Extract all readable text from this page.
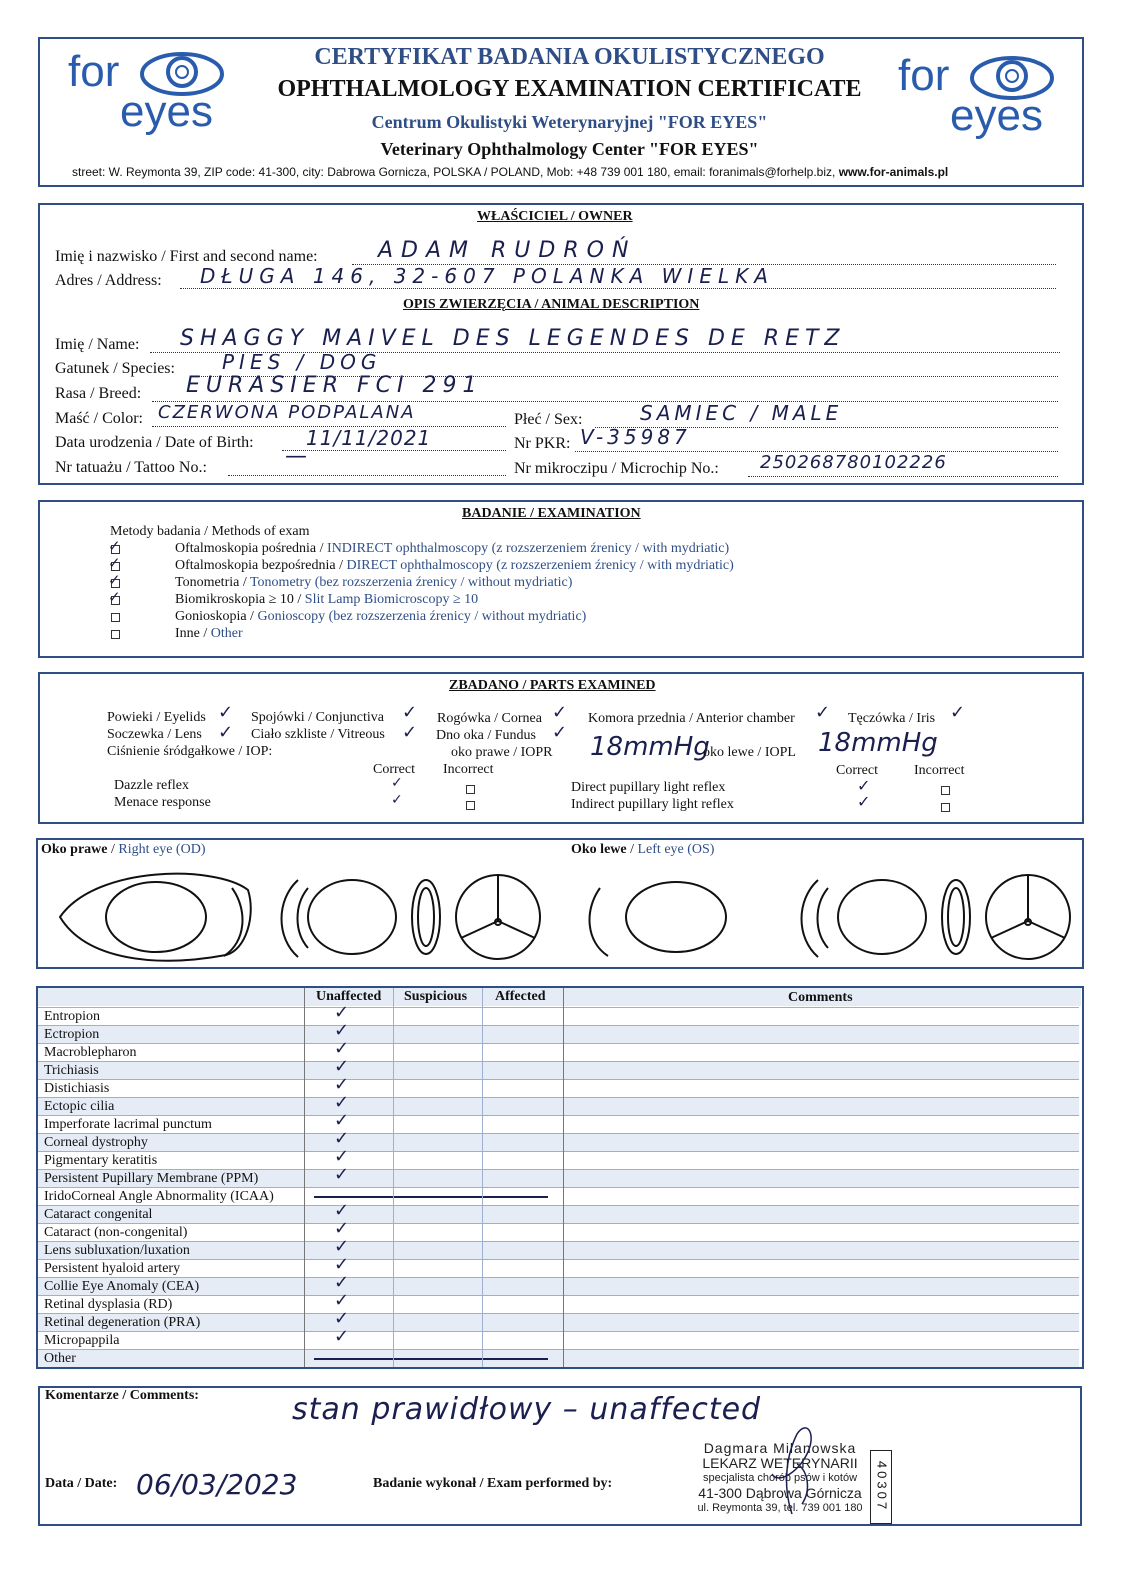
for
eyes
for
eyes
CERTYFIKAT BADANIA OKULISTYCZNEGO
OPHTHALMOLOGY EXAMINATION CERTIFICATE
Centrum Okulistyki Weterynaryjnej "FOR EYES"
Veterinary Ophthalmology Center "FOR EYES"
street: W. Reymonta 39, ZIP code: 41-300, city: Dabrowa Gornicza, POLSKA / POLAND, Mob: +48 739 001 180, email: foranimals@forhelp.biz, www.for-animals.pl
WŁAŚCICIEL / OWNER
Imię i nazwisko / First and second name:	ADAM RUDROŃ
Adres / Address: DŁUGA 146, 32-607 POLANKA WIELKA
OPIS ZWIERZĘCIA / ANIMAL DESCRIPTION
Imię / Name: SHAGGY MAIVEL DES LEGENDES DE RETZ
Gatunek / Species: PIES / DOG
Rasa / Breed: EURASIER FCI 291
Maść / Color: CZERWONA PODPALANA	Płeć / Sex:	SAMIEC / MALE
Data urodzenia / Date of Birth:	11/11/2021	Nr PKR: V-35987
Nr tatuażu / Tattoo No.:	—	Nr mikroczipu / Microchip No.: 250268780102226
BADANIE / EXAMINATION
Metody badania / Methods of exam
✓	Oftalmoskopia pośrednia / INDIRECT ophthalmoscopy (z rozszerzeniem źrenicy / with mydriatic)
✓	Oftalmoskopia bezpośrednia / DIRECT ophthalmoscopy (z rozszerzeniem źrenicy / with mydriatic)
✓	Tonometria / Tonometry (bez rozszerzenia źrenicy / without mydriatic)
✓	Biomikroskopia ≥ 10 / Slit Lamp Biomicroscopy ≥ 10
Gonioskopia / Gonioscopy (bez rozszerzenia źrenicy / without mydriatic)
Inne / Other
ZBADANO / PARTS EXAMINED
Powieki / Eyelids ✓ Spojówki / Conjunctiva ✓ Rogówka / Cornea ✓ Komora przednia / Anterior chamber ✓ Tęczówka / Iris ✓
Soczewka / Lens ✓ Ciało szkliste / Vitreous ✓ Dno oka / Fundus ✓
Ciśnienie śródgałkowe / IOP:	oko prawe / IOPR 18mmHg
oko lewe / IOPL 18mmHg
Correct Incorrect	Correct	Incorrect
Dazzle reflex	✓
Menace response	✓
Direct pupillary light reflex	✓
Indirect pupillary light reflex	✓
Oko prawe / Right eye (OD)	Oko lewe / Left eye (OS)
Unaffected Suspicious Affected	Comments
Entropion	✓
Ectropion	✓
Macroblepharon	✓
Trichiasis	✓
Distichiasis	✓
Ectopic cilia	✓
Imperforate lacrimal punctum	✓
Corneal dystrophy	✓
Pigmentary keratitis	✓
Persistent Pupillary Membrane (PPM)	✓
IridoCorneal Angle Abnormality (ICAA)
Cataract congenital	✓
Cataract (non-congenital)	✓
Lens subluxation/luxation	✓
Persistent hyaloid artery	✓
Collie Eye Anomaly (CEA)	✓
Retinal dysplasia (RD)	✓
Retinal degeneration (PRA)	✓
Micropappila	✓
Other
Komentarze / Comments:	stan prawidłowy – unaffected
Data / Date: 06/03/2023	Badanie wykonał / Exam performed by:
Dagmara Milanowska
LEKARZ WETERYNARII
specjalista chorób psów i kotów
41-300 Dąbrowa Górnicza
ul. Reymonta 39, tel. 739 001 180 40307
